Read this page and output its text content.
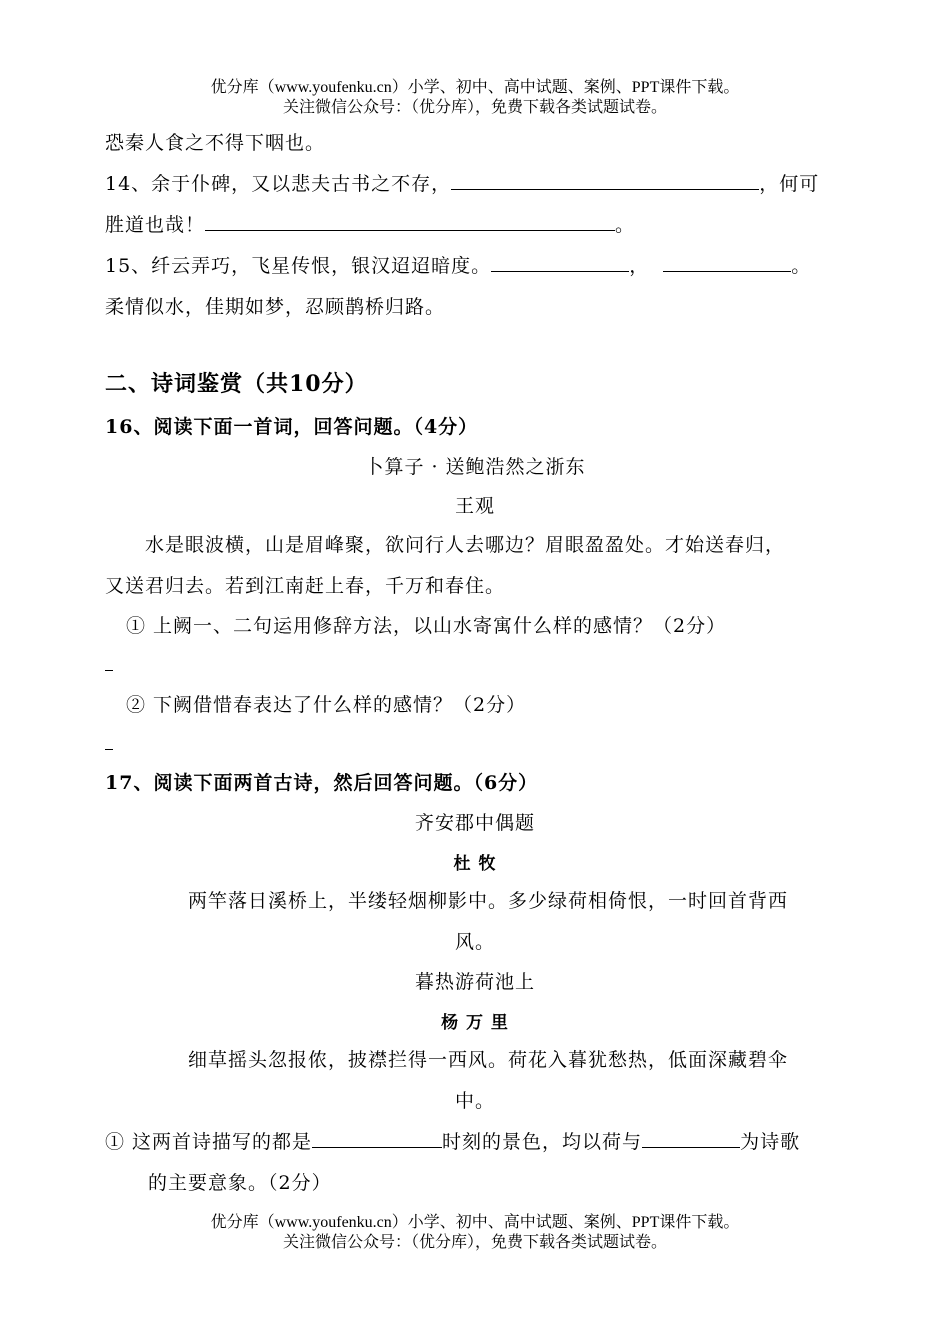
优分库（www.youfenku.cn）小学、初中、高中试题、案例、PPT课件下载。
关注微信公众号：（优分库），免费下载各类试题试卷。
恐秦人食之不得下咽也。
14、余于仆碑，又以悲夫古书之不存，	，何可
胜道也哉！	。
15、纤云弄巧，飞星传恨，银汉迢迢暗度。	，	。
柔情似水，佳期如梦，忍顾鹊桥归路。
二、诗词鉴赏（共10分）
16、阅读下面一首词，回答问题。（4分）
卜算子 · 送鲍浩然之浙东
王观
水是眼波横，山是眉峰聚，欲问行人去哪边？眉眼盈盈处。才始送春归，
又送君归去。若到江南赶上春，千万和春住。
① 上阙一、二句运用修辞方法，以山水寄寓什么样的感情？（2分）
② 下阙借惜春表达了什么样的感情？（2分）
17、阅读下面两首古诗，然后回答问题。（6分）
齐安郡中偶题
杜 牧
两竿落日溪桥上，半缕轻烟柳影中。多少绿荷相倚恨，一时回首背西
风。
暮热游荷池上
杨 万 里
细草摇头忽报侬，披襟拦得一西风。荷花入暮犹愁热，低面深藏碧伞
中。
① 这两首诗描写的都是	时刻的景色，均以荷与	为诗歌
的主要意象。（2分）
优分库（www.youfenku.cn）小学、初中、高中试题、案例、PPT课件下载。
关注微信公众号：（优分库），免费下载各类试题试卷。
